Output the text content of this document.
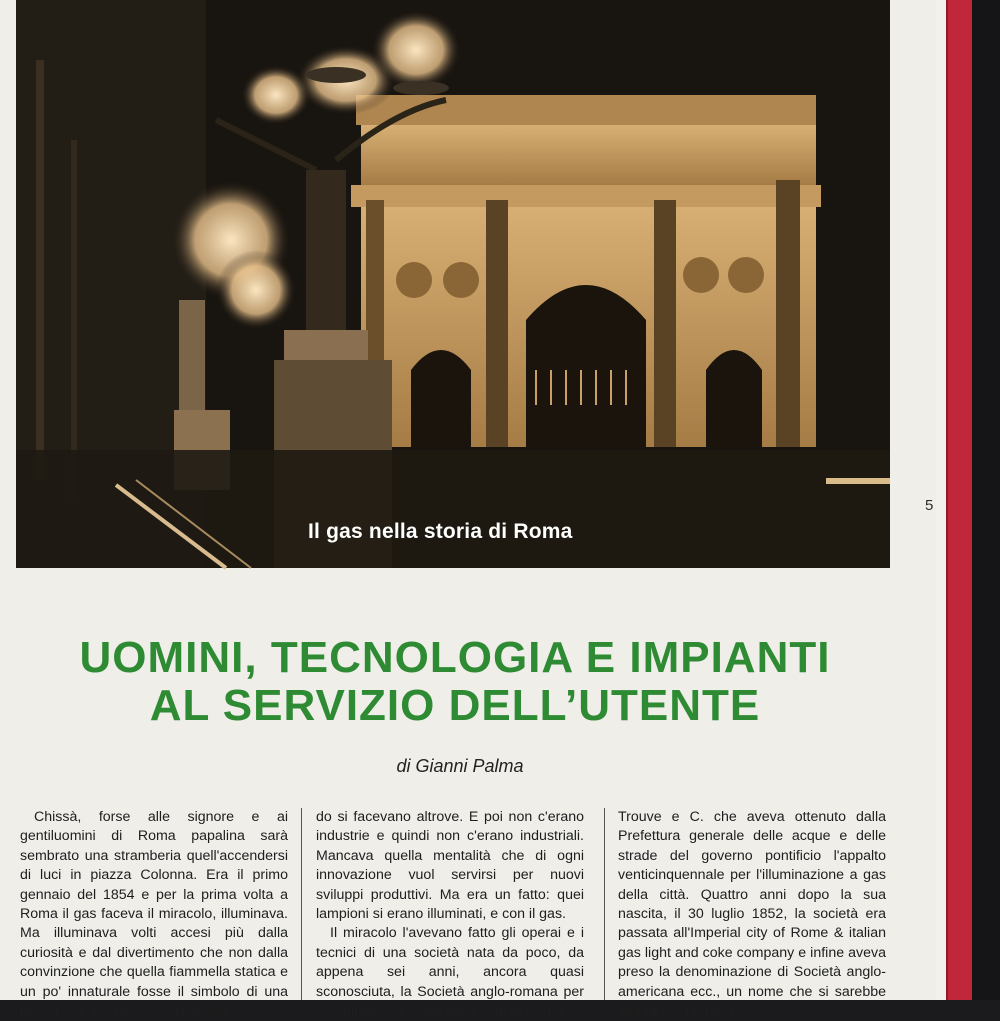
Il gas nella storia di Roma
5
UOMINI, TECNOLOGIA E IMPIANTI
AL SERVIZIO DELL’UTENTE
di Gianni Palma

Chissà, forse alle signore e ai gentiluomini di Roma papalina sarà sembrato una stramberia quell'accendersi di luci in piazza Colonna. Era il primo gennaio del 1854 e per la prima volta a Roma il gas faceva il miracolo, illuminava. Ma illuminava volti accesi più dalla curiosità e dal divertimento che non dalla convinzione che quella fiammella statica e un po' innaturale fosse il simbolo di una nuova era. Ma perché meravigliar-

do si facevano altrove. E poi non c'erano industrie e quindi non c'erano industriali. Mancava quella mentalità che di ogni innovazione vuol servirsi per nuovi sviluppi produttivi. Ma era un fatto: quei lampioni si erano illuminati, e con il gas.

Il miracolo l'avevano fatto gli operai e i tecnici di una società nata da poco, da appena sei anni, ancora quasi sconosciuta, la Società anglo-romana per l'illuminazione a gas della città di Roma.

Trouve e C. che aveva ottenuto dalla Prefettura generale delle acque e delle strade del governo pontificio l'appalto venticinquennale per l'illuminazione a gas della città. Quattro anni dopo la sua nascita, il 30 luglio 1852, la società era passata all'Imperial city of Rome & italian gas light and coke company e infine aveva preso la denominazione di Società anglo-americana ecc., un nome che si sarebbe tenuta per un pezzo.
